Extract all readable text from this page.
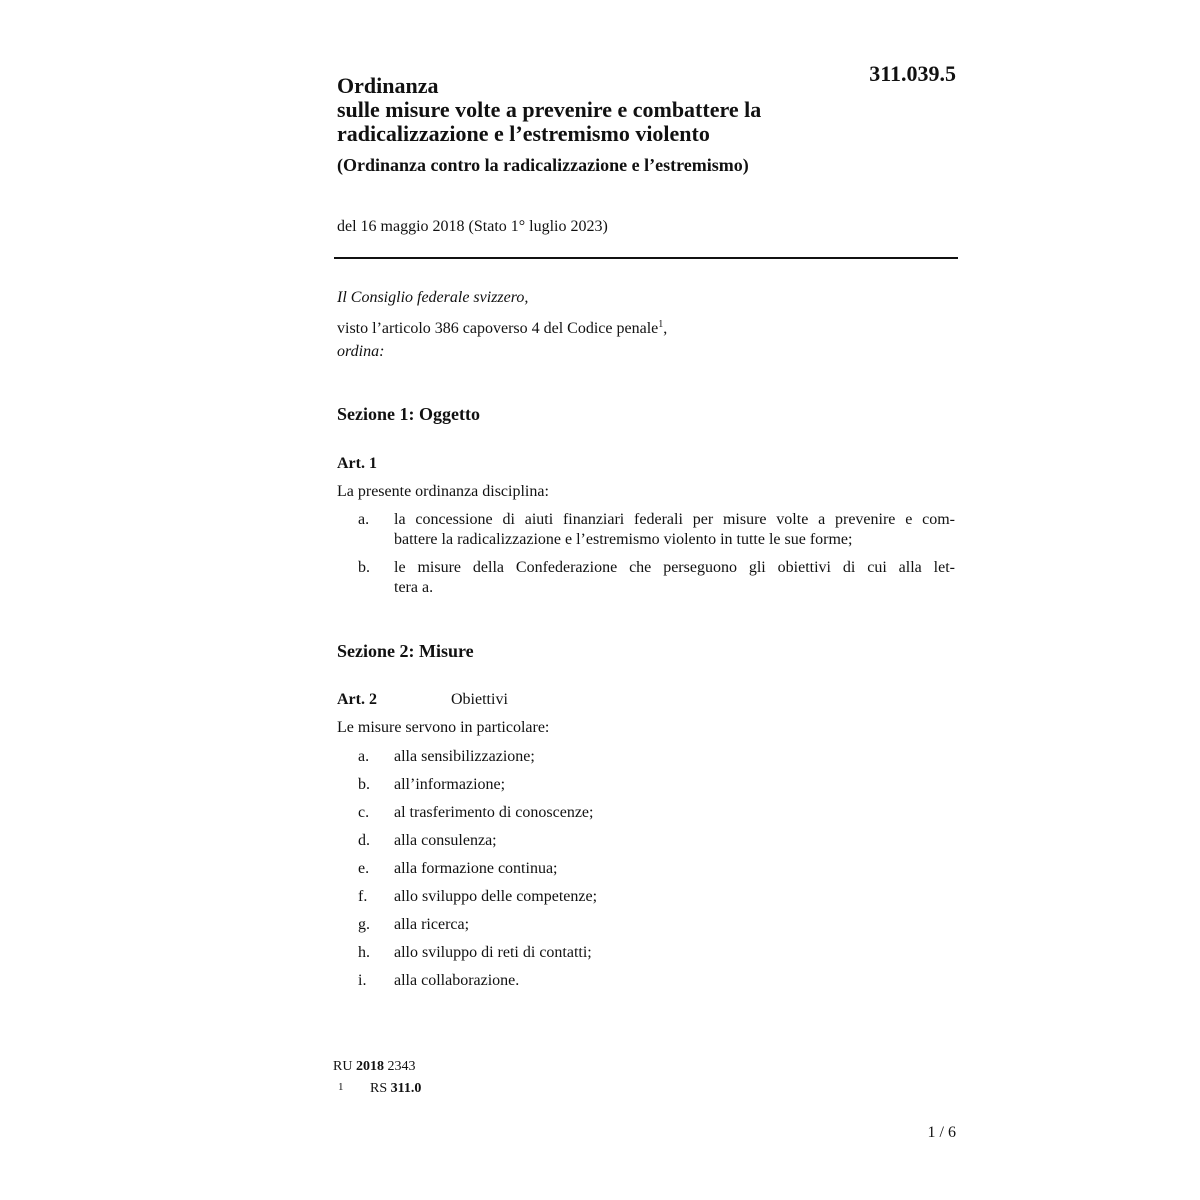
311.039.5
Ordinanza
sulle misure volte a prevenire e combattere la
radicalizzazione e l’estremismo violento
(Ordinanza contro la radicalizzazione e l’estremismo)
del 16 maggio 2018 (Stato 1° luglio 2023)
Il Consiglio federale svizzero,
visto l’articolo 386 capoverso 4 del Codice penale$^1$,
ordina:
Sezione 1: Oggetto
Art. 1
La presente ordinanza disciplina:
a. la concessione di aiuti finanziari federali per misure volte a prevenire e com-
battere la radicalizzazione e l’estremismo violento in tutte le sue forme;
b. le misure della Confederazione che perseguono gli obiettivi di cui alla let-
tera a.
Sezione 2: Misure
Art. 2	Obiettivi
Le misure servono in particolare:
a. alla sensibilizzazione;
b. all’informazione;
c. al trasferimento di conoscenze;
d. alla consulenza;
e. alla formazione continua;
f. allo sviluppo delle competenze;
g. alla ricerca;
h. allo sviluppo di reti di contatti;
i. alla collaborazione.
RU 2018 2343
1 RS 311.0
1 / 6
